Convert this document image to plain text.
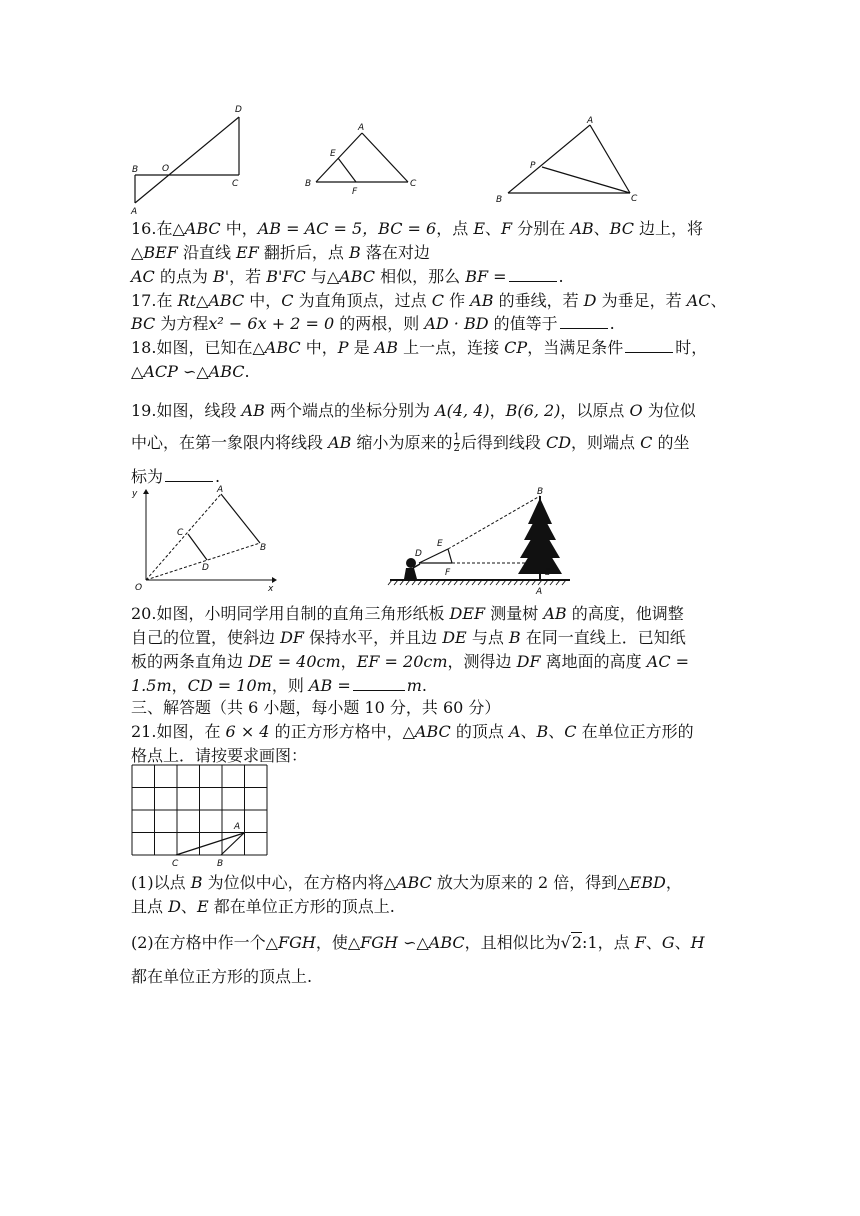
D
B	O
C
A
A
E
B
F
C
A
P
B	C
16.在△ABC 中，AB = AC = 5，BC = 6，点 E、F 分别在 AB、BC 边上，将
△BEF 沿直线 EF 翻折后，点 B 落在对边
AC 的点为 B'，若 B'FC 与△ABC 相似，那么 BF =	.
17.在 Rt△ABC 中，C 为直角顶点，过点 C 作 AB 的垂线，若 D 为垂足，若 AC、
BC 为方程x² − 6x + 2 = 0 的两根，则 AD · BD 的值等于	.
18.如图，已知在△ABC 中，P 是 AB 上一点，连接 CP，当满足条件	时，
△ACP ∽△ABC.
19.如图，线段 AB 两个端点的坐标分别为 A(4, 4)，B(6, 2)，以原点 O 为位似
中心，在第一象限内将线段 AB 缩小为原来的 $\frac{1}{2}$ 后得到线段 CD，则端点 C 的坐
标为	.
y	A
C
B
D
O	x
B
D
E
F	C
A
20.如图，小明同学用自制的直角三角形纸板 DEF 测量树 AB 的高度，他调整
自己的位置，使斜边 DF 保持水平，并且边 DE 与点 B 在同一直线上．已知纸
板的两条直角边 DE = 40cm，EF = 20cm，测得边 DF 离地面的高度 AC =
1.5m，CD = 10m，则 AB =	m.
三、解答题（共 6 小题，每小题 10 分，共 60 分）
21.如图，在 6 × 4 的正方形方格中，△ABC 的顶点 A、B、C 在单位正方形的
格点上．请按要求画图：
A
C	B
(1)以点 B 为位似中心，在方格内将△ABC 放大为原来的 2 倍，得到△EBD，
且点 D、E 都在单位正方形的顶点上.
(2)在方格中作一个△FGH，使△FGH ∽△ABC，且相似比为√2:1，点 F、G、H
都在单位正方形的顶点上.
